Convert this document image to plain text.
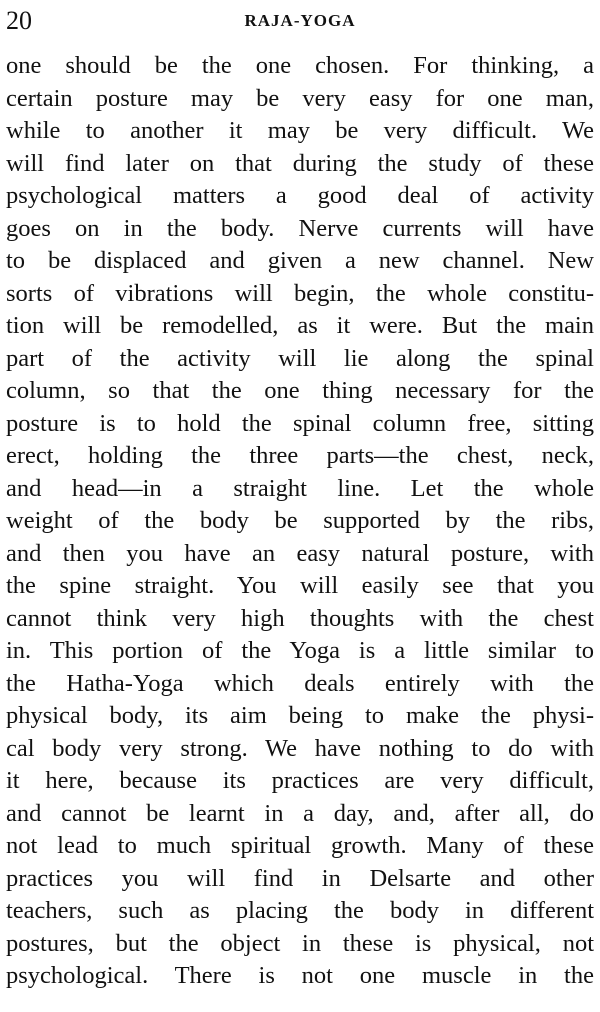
20	RAJA-YOGA
one should be the one chosen. For thinking, a
certain posture may be very easy for one man,
while to another it may be very difficult. We
will find later on that during the study of these
psychological matters a good deal of activity
goes on in the body. Nerve currents will have
to be displaced and given a new channel. New
sorts of vibrations will begin, the whole constitu-
tion will be remodelled, as it were. But the main
part of the activity will lie along the spinal
column, so that the one thing necessary for the
posture is to hold the spinal column free, sitting
erect, holding the three parts—the chest, neck,
and head—in a straight line. Let the whole
weight of the body be supported by the ribs,
and then you have an easy natural posture, with
the spine straight. You will easily see that you
cannot think very high thoughts with the chest
in. This portion of the Yoga is a little similar to
the Hatha-Yoga which deals entirely with the
physical body, its aim being to make the physi-
cal body very strong. We have nothing to do with
it here, because its practices are very difficult,
and cannot be learnt in a day, and, after all, do
not lead to much spiritual growth. Many of these
practices you will find in Delsarte and other
teachers, such as placing the body in different
postures, but the object in these is physical, not
psychological. There is not one muscle in the
